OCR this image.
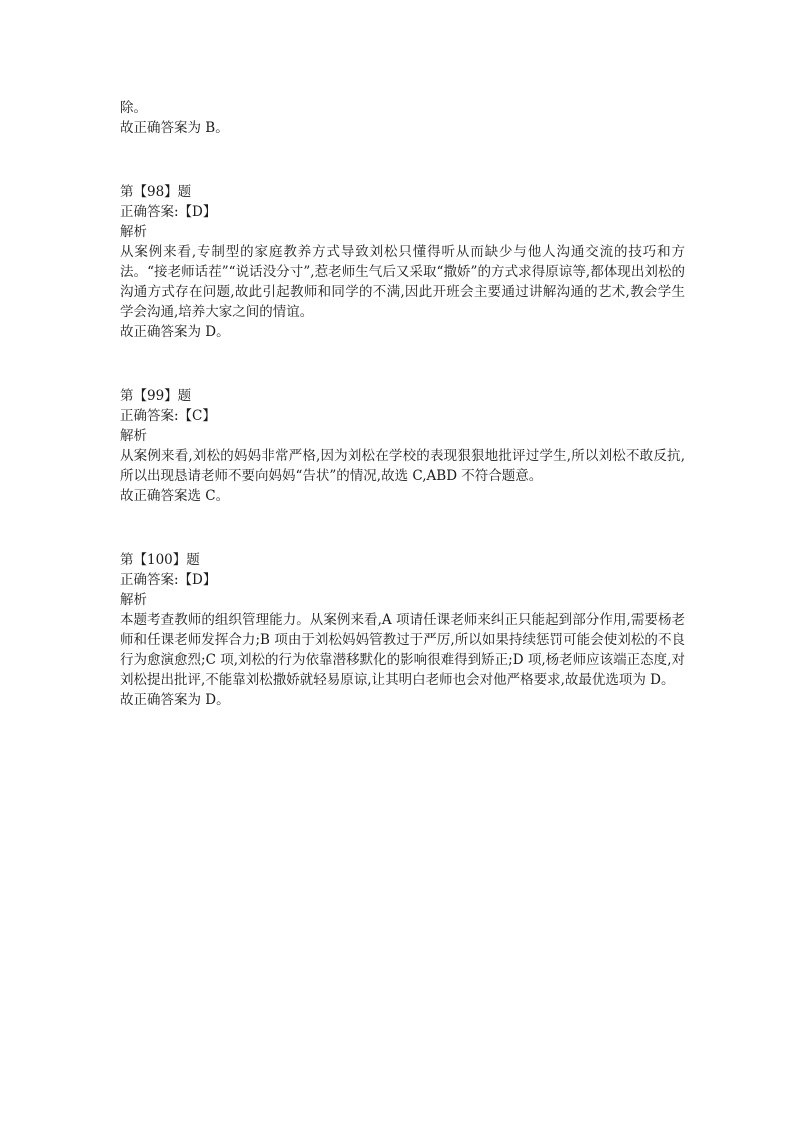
除。
故正确答案为 B。
第【98】题
正确答案:【D】
解析
从案例来看,专制型的家庭教养方式导致刘松只懂得听从而缺少与他人沟通交流的技巧和方法。“接老师话茬”“说话没分寸”,惹老师生气后又采取“撒娇”的方式求得原谅等,都体现出刘松的沟通方式存在问题,故此引起教师和同学的不满,因此开班会主要通过讲解沟通的艺术,教会学生学会沟通,培养大家之间的情谊。
故正确答案为 D。
第【99】题
正确答案:【C】
解析
从案例来看,刘松的妈妈非常严格,因为刘松在学校的表现狠狠地批评过学生,所以刘松不敢反抗,所以出现恳请老师不要向妈妈“告状”的情况,故选 C,ABD 不符合题意。
故正确答案选 C。
第【100】题
正确答案:【D】
解析
本题考查教师的组织管理能力。从案例来看,A 项请任课老师来纠正只能起到部分作用,需要杨老师和任课老师发挥合力;B 项由于刘松妈妈管教过于严厉,所以如果持续惩罚可能会使刘松的不良行为愈演愈烈;C 项,刘松的行为依靠潜移默化的影响很难得到矫正;D 项,杨老师应该端正态度,对刘松提出批评,不能靠刘松撒娇就轻易原谅,让其明白老师也会对他严格要求,故最优选项为 D。
故正确答案为 D。
